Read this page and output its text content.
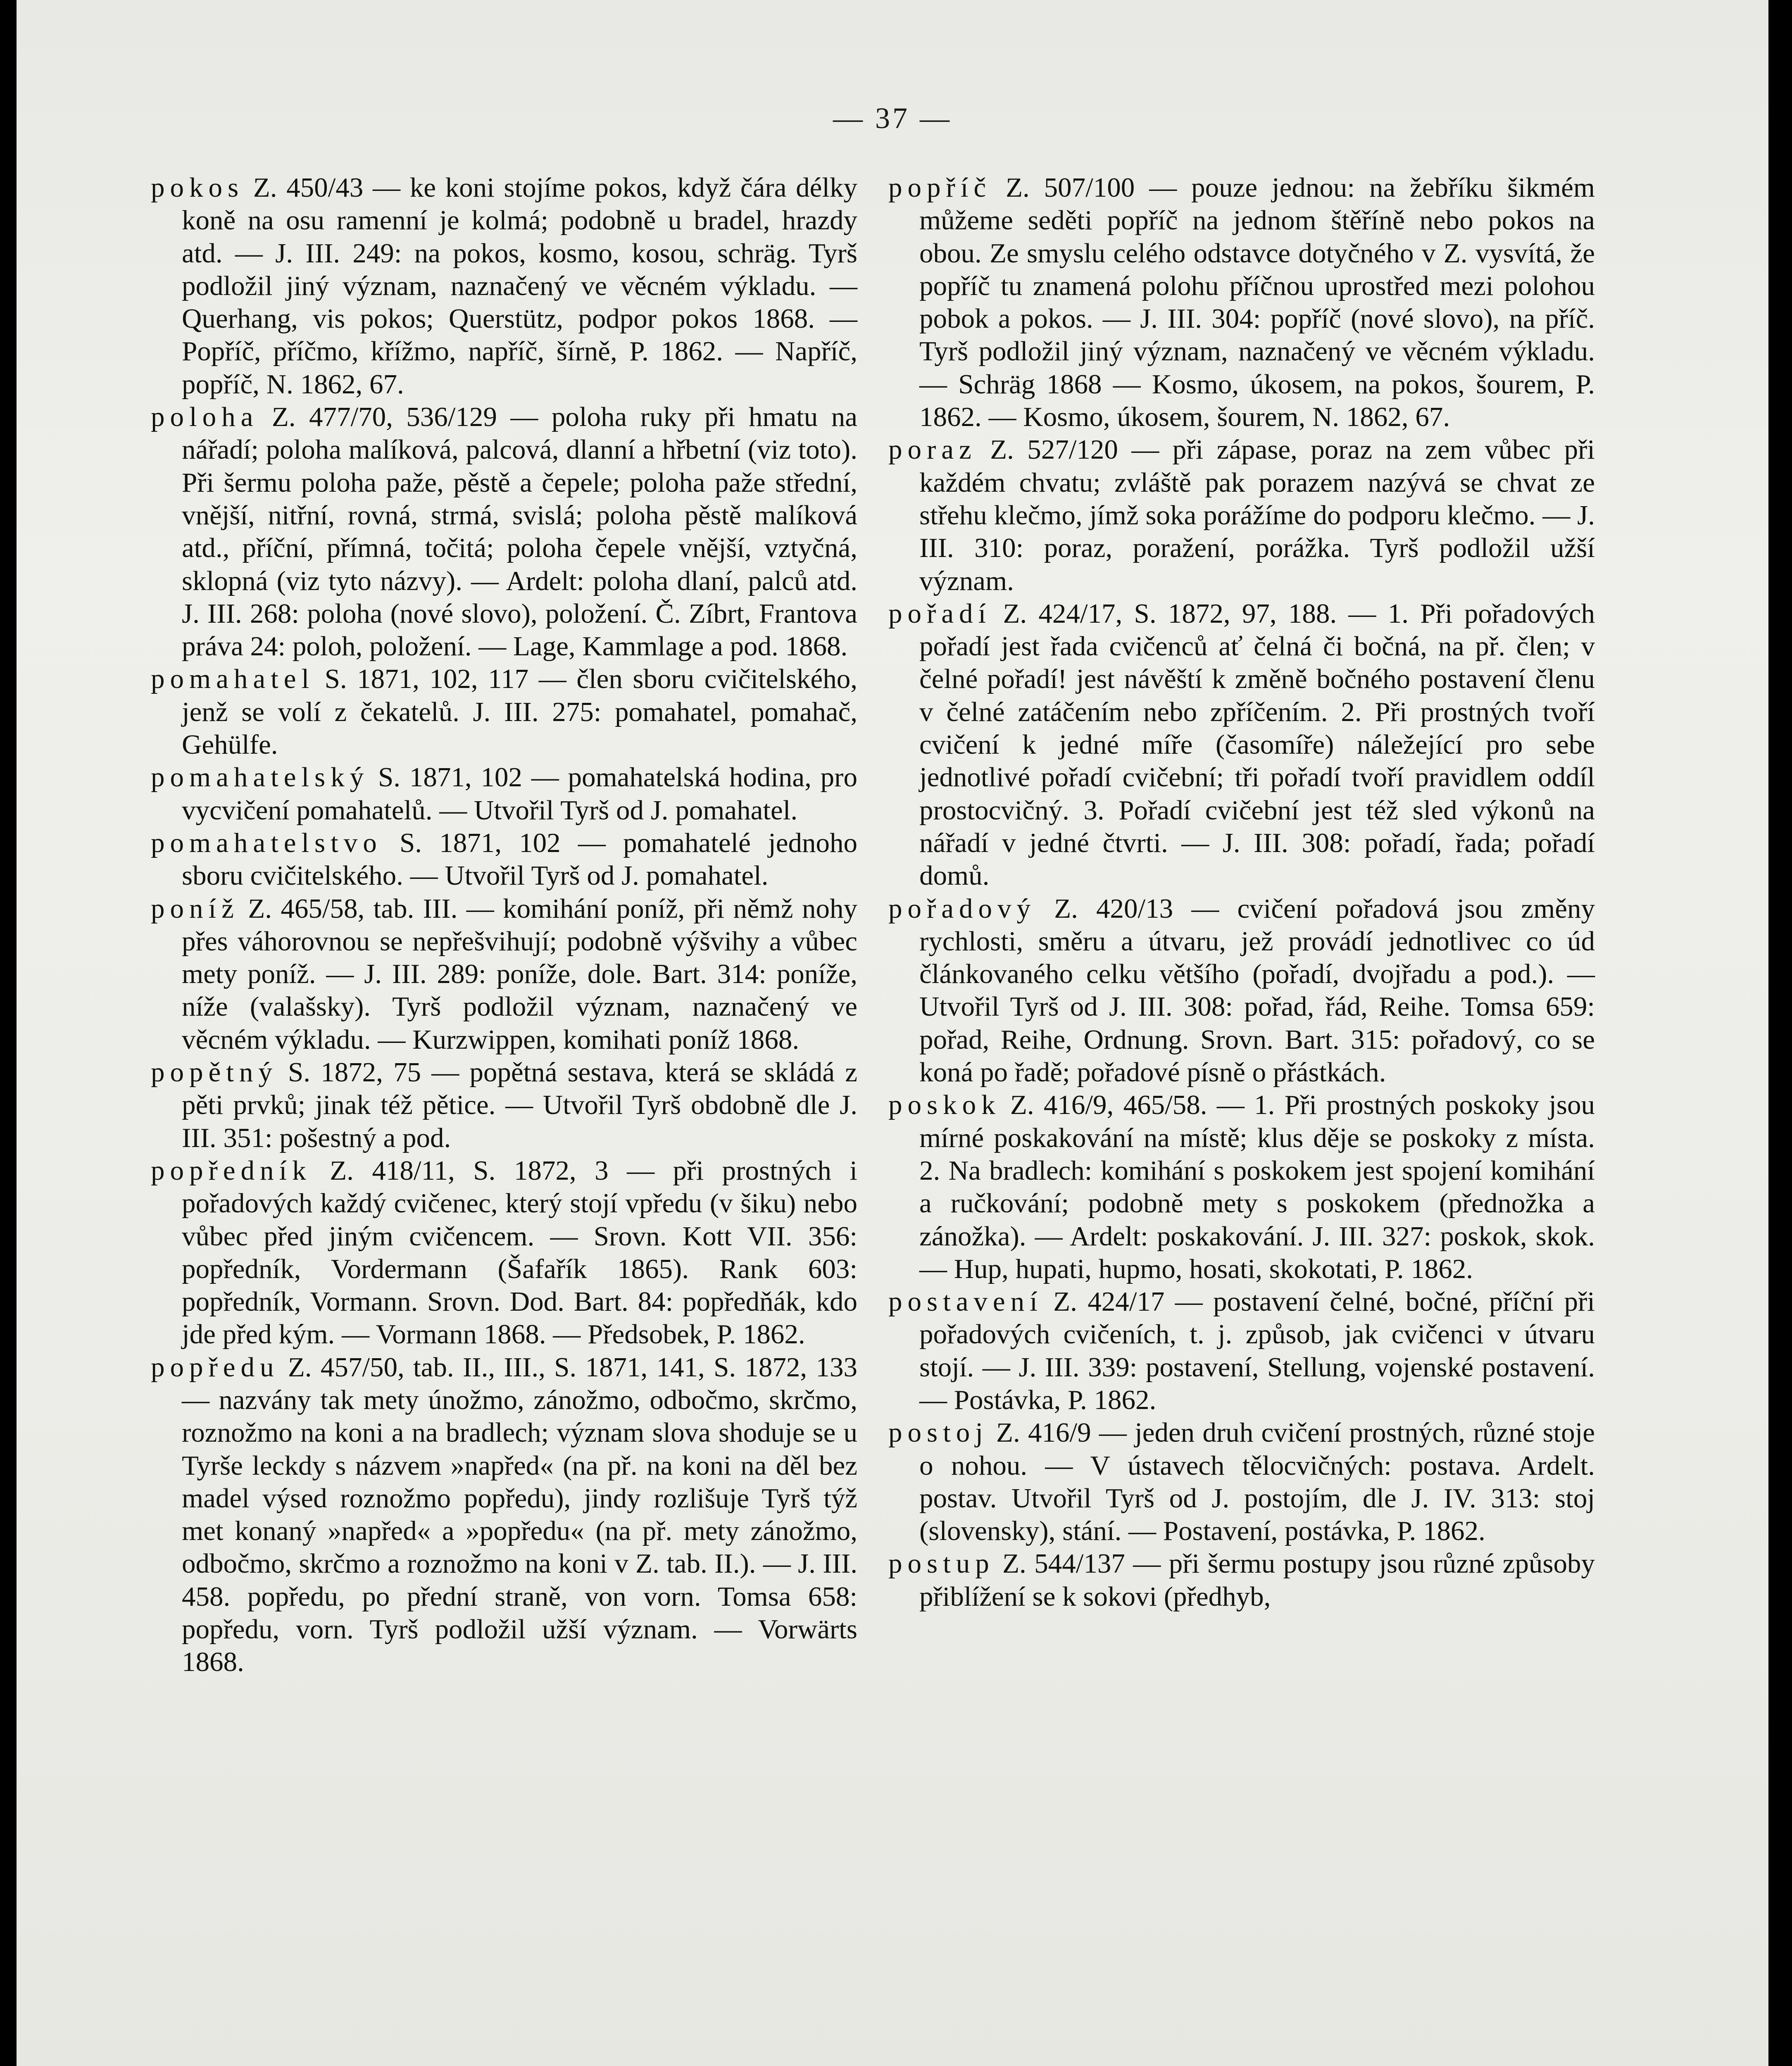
— 37 —

pokos Z. 450/43 — ke koni stojíme pokos, když čára délky koně na osu ramenní je kolmá; podobně u bradel, hrazdy atd. — J. III. 249: na pokos, kosmo, kosou, schräg. Tyrš podložil jiný význam, naznačený ve věcném výkladu. — Querhang, vis pokos; Querstütz, podpor pokos 1868. — Popříč, příčmo, křížmo, napříč, šírně, P. 1862. — Napříč, popříč, N. 1862, 67.

poloha Z. 477/70, 536/129 — poloha ruky při hmatu na nářadí; poloha malíková, palcová, dlanní a hřbetní (viz toto). Při šermu poloha paže, pěstě a čepele; poloha paže střední, vnější, nitřní, rovná, strmá, svislá; poloha pěstě malíková atd., příční, přímná, točitá; poloha čepele vnější, vztyčná, sklopná (viz tyto názvy). — Ardelt: poloha dlaní, palců atd. J. III. 268: poloha (nové slovo), položení. Č. Zíbrt, Frantova práva 24: poloh, položení. — Lage, Kammlage a pod. 1868.

pomahatel S. 1871, 102, 117 — člen sboru cvičitelského, jenž se volí z čekatelů. J. III. 275: pomahatel, pomahač, Gehülfe.

pomahatelský S. 1871, 102 — pomahatelská hodina, pro vycvičení pomahatelů. — Utvořil Tyrš od J. pomahatel.

pomahatelstvo S. 1871, 102 — pomahatelé jednoho sboru cvičitelského. — Utvořil Tyrš od J. pomahatel.

poníž Z. 465/58, tab. III. — komihání poníž, při němž nohy přes váhorovnou se nepřešvihují; podobně výšvihy a vůbec mety poníž. — J. III. 289: poníže, dole. Bart. 314: poníže, níže (valašsky). Tyrš podložil význam, naznačený ve věcném výkladu. — Kurzwippen, komihati poníž 1868.

popětný S. 1872, 75 — popětná sestava, která se skládá z pěti prvků; jinak též pětice. — Utvořil Tyrš obdobně dle J. III. 351: pošestný a pod.

popředník Z. 418/11, S. 1872, 3 — při prostných i pořadových každý cvičenec, který stojí vpředu (v šiku) nebo vůbec před jiným cvičencem. — Srovn. Kott VII. 356: popředník, Vordermann (Šafařík 1865). Rank 603: popředník, Vormann. Srovn. Dod. Bart. 84: popředňák, kdo jde před kým. — Vormann 1868. — Předsobek, P. 1862.

popředu Z. 457/50, tab. II., III., S. 1871, 141, S. 1872, 133 — nazvány tak mety únožmo, zánožmo, odbočmo, skrčmo, roznožmo na koni a na bradlech; význam slova shoduje se u Tyrše leckdy s názvem »napřed« (na př. na koni na děl bez madel výsed roznožmo popředu), jindy rozlišuje Tyrš týž met konaný »napřed« a »popředu« (na př. mety zánožmo, odbočmo, skrčmo a roznožmo na koni v Z. tab. II.). — J. III. 458. popředu, po přední straně, von vorn. Tomsa 658: popředu, vorn. Tyrš podložil užší význam. — Vorwärts 1868.

popříč Z. 507/100 — pouze jednou: na žebříku šikmém můžeme seděti popříč na jednom štěříně nebo pokos na obou. Ze smyslu celého odstavce dotyčného v Z. vysvítá, že popříč tu znamená polohu příčnou uprostřed mezi polohou pobok a pokos. — J. III. 304: popříč (nové slovo), na příč. Tyrš podložil jiný význam, naznačený ve věcném výkladu. — Schräg 1868 — Kosmo, úkosem, na pokos, šourem, P. 1862. — Kosmo, úkosem, šourem, N. 1862, 67.

poraz Z. 527/120 — při zápase, poraz na zem vůbec při každém chvatu; zvláště pak porazem nazývá se chvat ze střehu klečmo, jímž soka porážíme do podporu klečmo. — J. III. 310: poraz, poražení, porážka. Tyrš podložil užší význam.

pořadí Z. 424/17, S. 1872, 97, 188. — 1. Při pořadových pořadí jest řada cvičenců ať čelná či bočná, na př. člen; v čelné pořadí! jest návěští k změně bočného postavení členu v čelné zatáčením nebo zpříčením. 2. Při prostných tvoří cvičení k jedné míře (časomíře) náležející pro sebe jednotlivé pořadí cvičební; tři pořadí tvoří pravidlem oddíl prostocvičný. 3. Pořadí cvičební jest též sled výkonů na nářadí v jedné čtvrti. — J. III. 308: pořadí, řada; pořadí domů.

pořadový Z. 420/13 — cvičení pořadová jsou změny rychlosti, směru a útvaru, jež provádí jednotlivec co úd článkovaného celku většího (pořadí, dvojřadu a pod.). — Utvořil Tyrš od J. III. 308: pořad, řád, Reihe. Tomsa 659: pořad, Reihe, Ordnung. Srovn. Bart. 315: pořadový, co se koná po řadě; pořadové písně o přástkách.

poskok Z. 416/9, 465/58. — 1. Při prostných poskoky jsou mírné poskakování na místě; klus děje se poskoky z místa. 2. Na bradlech: komihání s poskokem jest spojení komihání a ručkování; podobně mety s poskokem (přednožka a zánožka). — Ardelt: poskakování. J. III. 327: poskok, skok. — Hup, hupati, hupmo, hosati, skokotati, P. 1862.

postavení Z. 424/17 — postavení čelné, bočné, příční při pořadových cvičeních, t. j. způsob, jak cvičenci v útvaru stojí. — J. III. 339: postavení, Stellung, vojenské postavení. — Postávka, P. 1862.

postoj Z. 416/9 — jeden druh cvičení prostných, různé stoje o nohou. — V ústavech tělocvičných: postava. Ardelt. postav. Utvořil Tyrš od J. postojím, dle J. IV. 313: stoj (slovensky), stání. — Postavení, postávka, P. 1862.

postup Z. 544/137 — při šermu postupy jsou různé způsoby přiblížení se k sokovi (předhyb,
